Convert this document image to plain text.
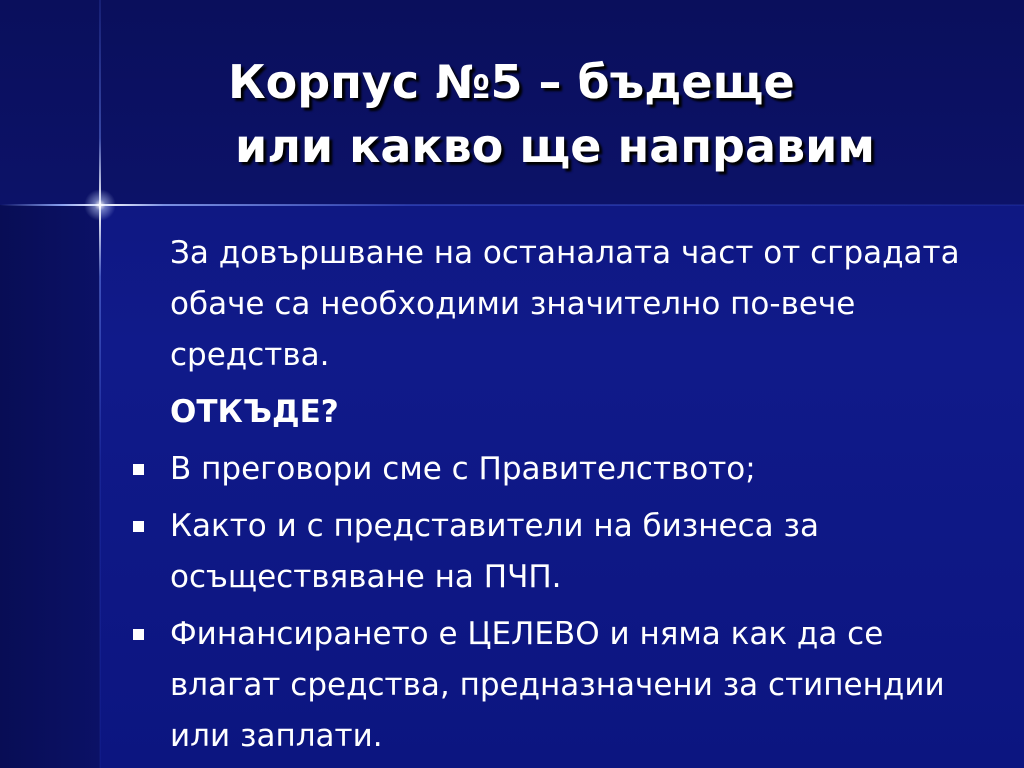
Корпус №5 – бъдеще
или какво ще направим

За довършване на останалата част от сградата обаче са необходими значително по-вече средства.

ОТКЪДЕ?

В преговори сме с Правителството;
Както и с представители на бизнеса за осъществяване на ПЧП.
Финансирането е ЦЕЛЕВО и няма как да се влагат средства, предназначени за стипендии или заплати.
